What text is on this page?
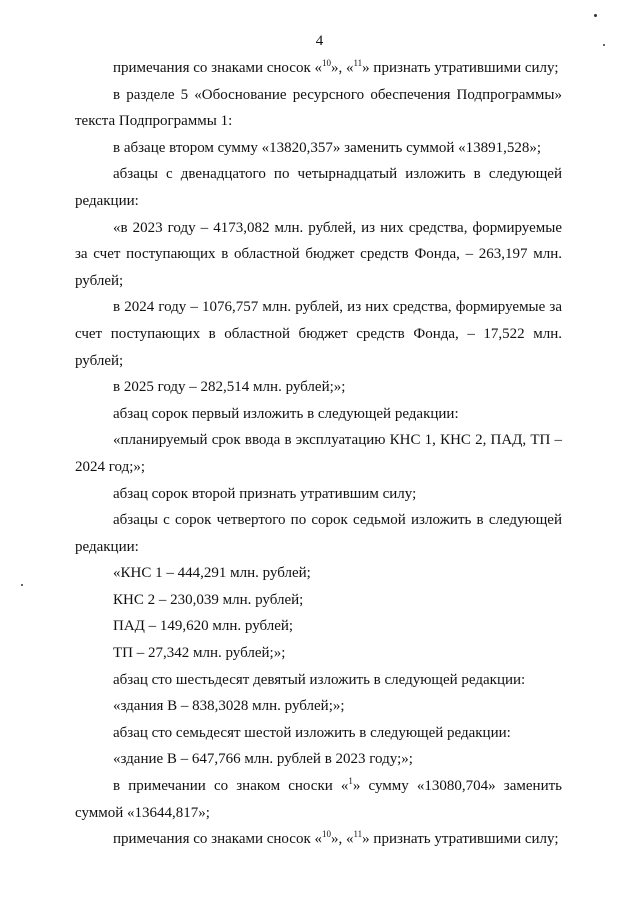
4

примечания со знаками сносок «$^{10}$», «$^{11}$» признать утратившими силу;

в разделе 5 «Обоснование ресурсного обеспечения Подпрограммы» текста Подпрограммы 1:

в абзаце втором сумму «13820,357» заменить суммой «13891,528»;

абзацы с двенадцатого по четырнадцатый изложить в следующей редакции:

«в 2023 году – 4173,082 млн. рублей, из них средства, формируемые за счет поступающих в областной бюджет средств Фонда, – 263,197 млн. рублей;

в 2024 году – 1076,757 млн. рублей, из них средства, формируемые за счет поступающих в областной бюджет средств Фонда, – 17,522 млн. рублей;

в 2025 году – 282,514 млн. рублей;»;

абзац сорок первый изложить в следующей редакции:

«планируемый срок ввода в эксплуатацию КНС 1, КНС 2, ПАД, ТП – 2024 год;»;

абзац сорок второй признать утратившим силу;

абзацы с сорок четвертого по сорок седьмой изложить в следующей редакции:

«КНС 1 – 444,291 млн. рублей;

КНС 2 – 230,039 млн. рублей;

ПАД – 149,620 млн. рублей;

ТП – 27,342 млн. рублей;»;

абзац сто шестьдесят девятый изложить в следующей редакции:

«здания В – 838,3028 млн. рублей;»;

абзац сто семьдесят шестой изложить в следующей редакции:

«здание В – 647,766 млн. рублей в 2023 году;»;

в примечании со знаком сноски «$^1$» сумму «13080,704» заменить суммой «13644,817»;

примечания со знаками сносок «$^{10}$», «$^{11}$» признать утратившими силу;
